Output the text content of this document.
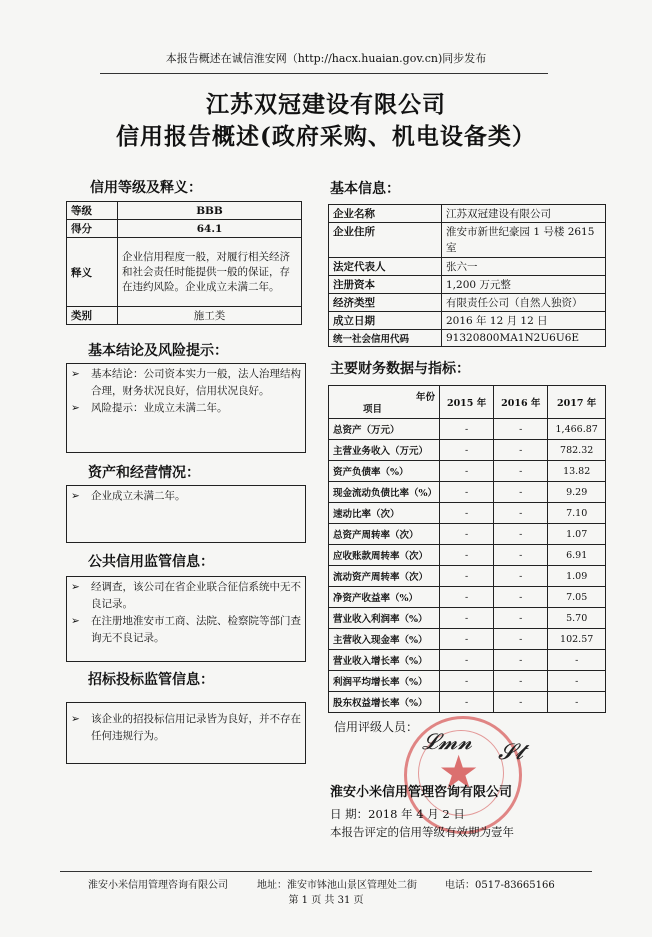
本报告概述在诚信淮安网（http://hacx.huaian.gov.cn)同步发布
江苏双冠建设有限公司
信用报告概述(政府采购、机电设备类）
信用等级及释义：
等级	BBB
得分	64.1
释义	企业信用程度一般，对履行相关经济和社会责任时能提供一般的保证，存在违约风险。企业成立未满二年。
类别	施工类
基本结论及风险提示：
➢	基本结论：公司资本实力一般，法人治理结构合理，财务状况良好，信用状况良好。
➢	风险提示：业成立未满二年。
资产和经营情况：
➢	企业成立未满二年。
公共信用监管信息：
➢	经调查，该公司在省企业联合征信系统中无不良记录。
➢	在注册地淮安市工商、法院、检察院等部门查询无不良记录。
招标投标监管信息：
➢	该企业的招投标信用记录皆为良好，并不存在任何违规行为。
基本信息：
企业名称	江苏双冠建设有限公司
企业住所	淮安市新世纪豪园 1 号楼 2615 室
法定代表人	张六一
注册资本	1,200 万元整
经济类型	有限责任公司（自然人独资）
成立日期	2016 年 12 月 12 日
统一社会信用代码	91320800MA1N2U6U6E
主要财务数据与指标：
年份
项目	2015 年	2016 年	2017 年
总资产（万元）	-	-	1,466.87
主营业务收入（万元）	-	-	782.32
资产负债率（%）	-	-	13.82
现金流动负债比率（%）	-	-	9.29
速动比率（次）	-	-	7.10
总资产周转率（次）	-	-	1.07
应收账款周转率（次）	-	-	6.91
流动资产周转率（次）	-	-	1.09
净资产收益率（%）	-	-	7.05
营业收入利润率（%）	-	-	5.70
主营收入现金率（%）	-	-	102.57
营业收入增长率（%）	-	-	-
利润平均增长率（%）	-	-	-
股东权益增长率（%）	-	-	-
信用评级人员：
★
𝓛𝓶𝓷 𝓢𝓽
淮安小米信用管理咨询有限公司
日 期：2018 年 4 月 2 日
本报告评定的信用等级有效期为壹年
淮安小米信用管理咨询有限公司	地址：淮安市钵池山景区管理处二街	电话：0517-83665166
第 1 页 共 31 页
